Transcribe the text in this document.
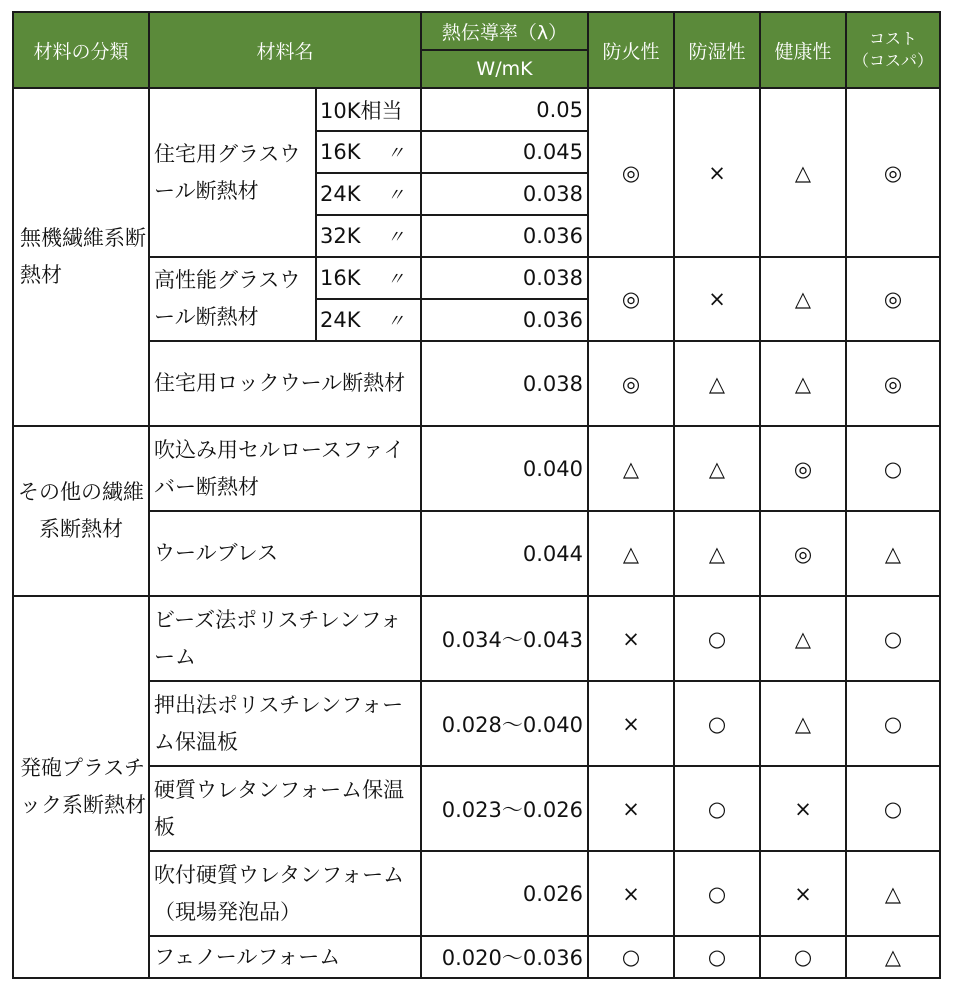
材料の分類	材料名		熱伝導率（λ）	防火性	防湿性	健康性	コスト
（コスパ）

			W/mK				
無機繊維系断熱材	住宅用グラスウール断熱材	10K相当	0.05	◎	×	△	◎
		16K 〃	0.045				
		24K 〃	0.038				
		32K 〃	0.036				
	高性能グラスウール断熱材	16K 〃	0.038	◎	×	△	◎
		24K 〃	0.036				
	住宅用ロックウール断熱材		0.038	◎	△	△	◎
その他の繊維系断熱材	吹込み用セルロースファイバー断熱材		0.040	△	△	◎	○
	ウールブレス		0.044	△	△	◎	△
発砲プラスチック系断熱材	ビーズ法ポリスチレンフォーム		0.034～0.043	×	○	△	○
	押出法ポリスチレンフォーム保温板		0.028～0.040	×	○	△	○
	硬質ウレタンフォーム保温板		0.023～0.026	×	○	×	○
	吹付硬質ウレタンフォーム（現場発泡品）		0.026	×	○	×	△
	フェノールフォーム		0.020～0.036	○	○	○	△
